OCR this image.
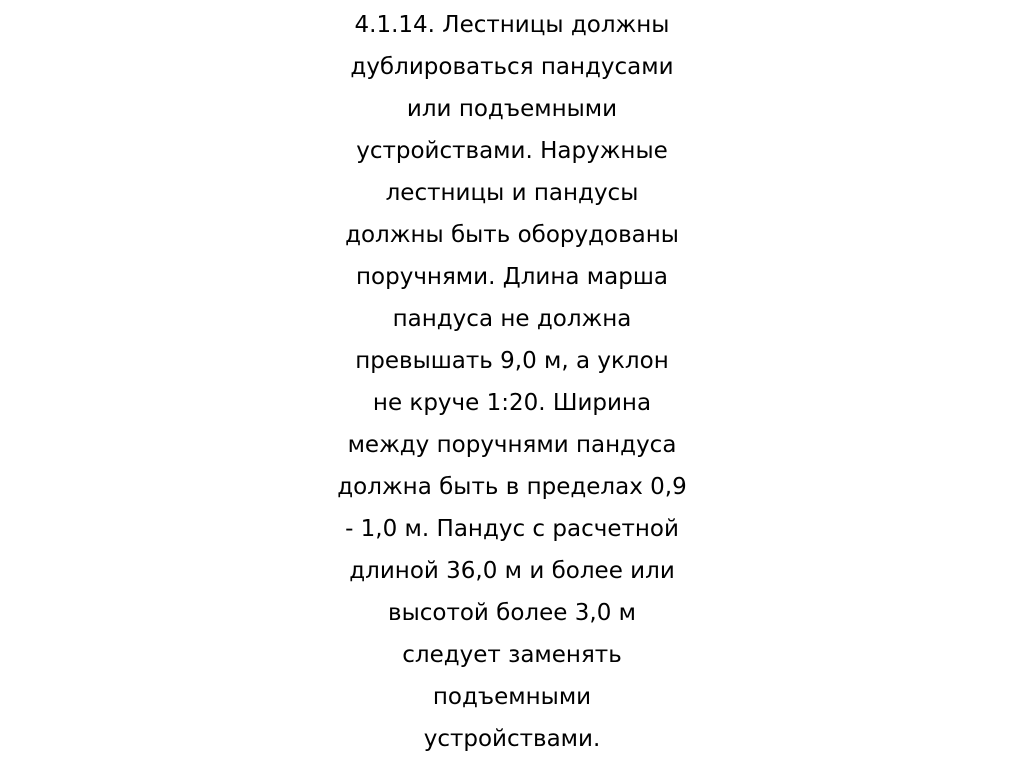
4.1.14. Лестницы должны
дублироваться пандусами
или подъемными
устройствами. Наружные
лестницы и пандусы
должны быть оборудованы
поручнями. Длина марша
пандуса не должна
превышать 9,0 м, а уклон
не круче 1:20. Ширина
между поручнями пандуса
должна быть в пределах 0,9
- 1,0 м. Пандус с расчетной
длиной 36,0 м и более или
высотой более 3,0 м
следует заменять
подъемными
устройствами.
